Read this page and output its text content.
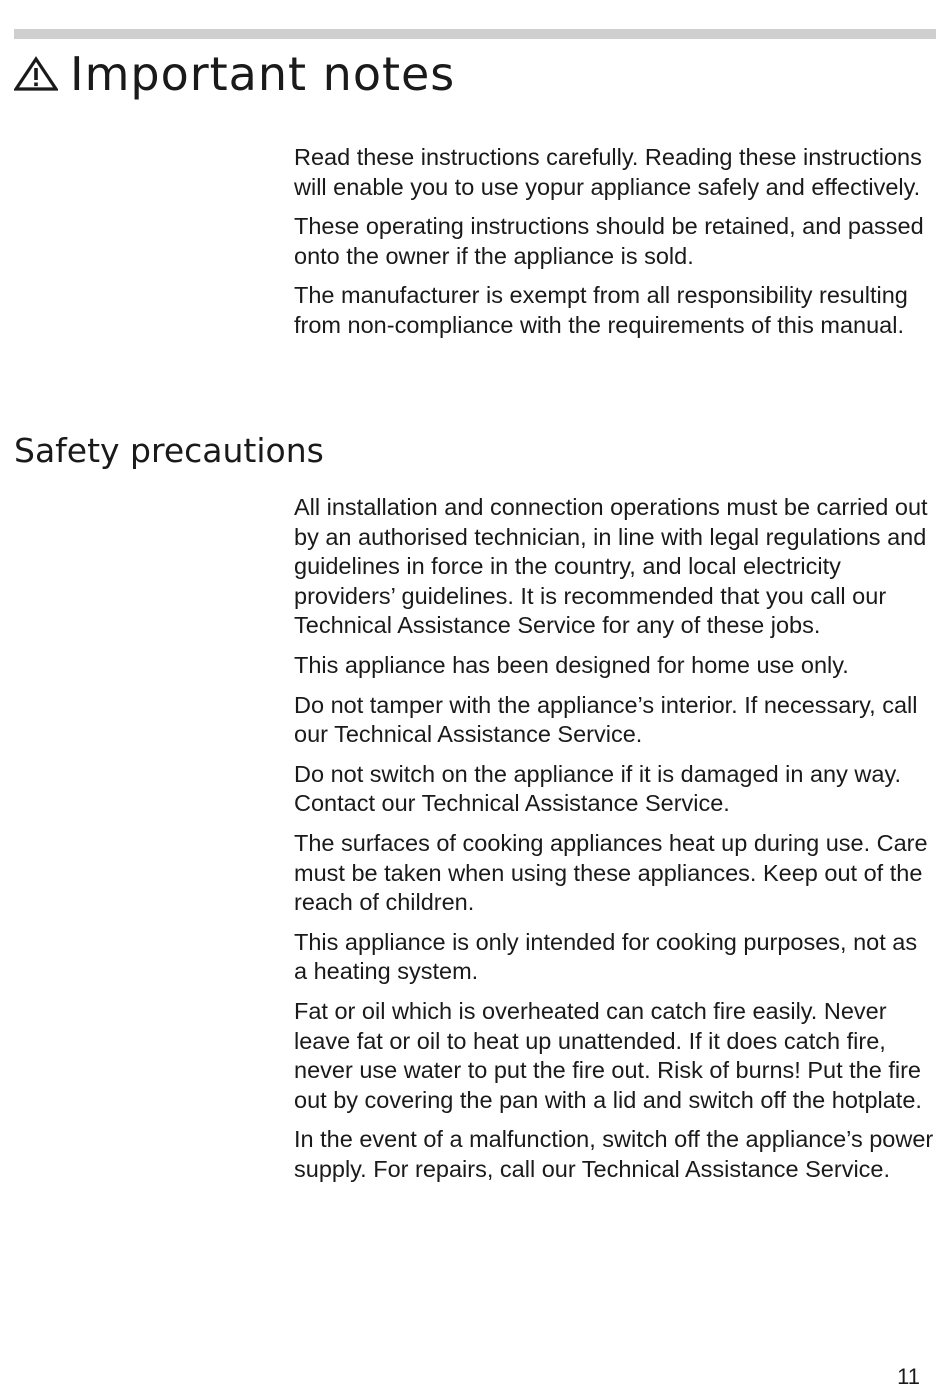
Important notes

Read these instructions carefully. Reading these instructions will enable you to use yopur appliance safely and effectively.

These operating instructions should be retained, and passed onto the owner if the appliance is sold.

The manufacturer is exempt from all responsibility resulting from non-compliance with the requirements of this manual.

Safety precautions

All installation and connection operations must be carried out by an authorised technician, in line with legal regulations and guidelines in force in the country, and local electricity providers’ guidelines. It is recommended that you call our Technical Assistance Service for any of these jobs.

This appliance has been designed for home use only.

Do not tamper with the appliance’s interior. If necessary, call our Technical Assistance Service.

Do not switch on the appliance if it is damaged in any way. Contact our Technical Assistance Service.

The surfaces of cooking appliances heat up during use. Care must be taken when using these appliances. Keep out of the reach of children.

This appliance is only intended for cooking purposes, not as a heating system.

Fat or oil which is overheated can catch fire easily. Never leave fat or oil to heat up unattended. If it does catch fire, never use water to put the fire out. Risk of burns! Put the fire out by covering the pan with a lid and switch off the hotplate.

In the event of a malfunction, switch off the appliance’s power supply. For repairs, call our Technical Assistance Service.

11
